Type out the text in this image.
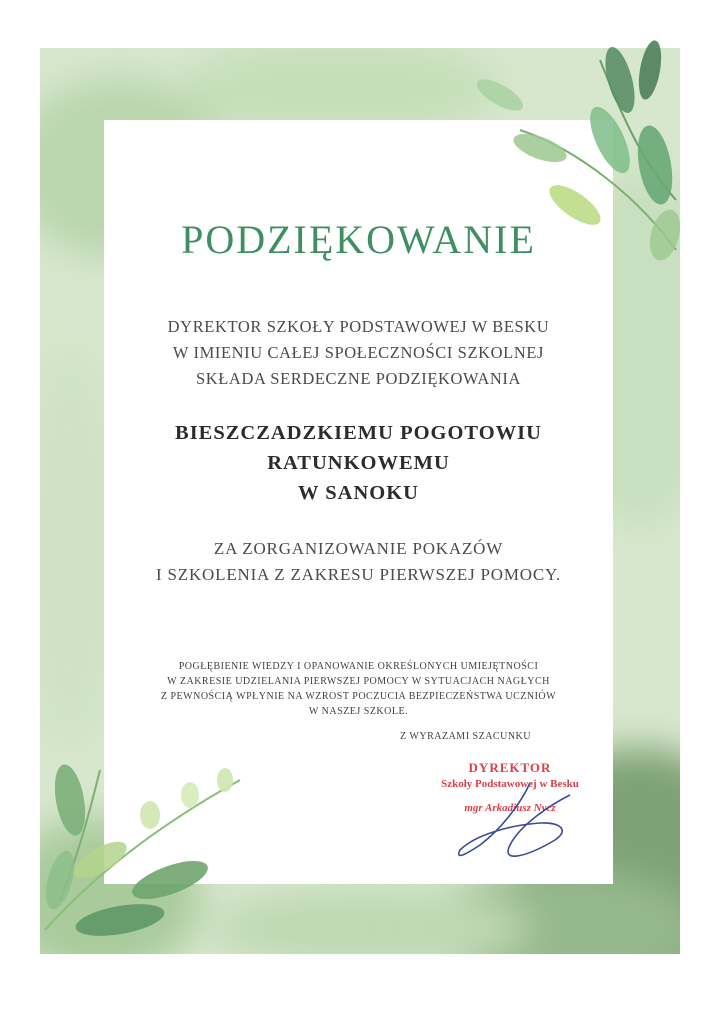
PODZIĘKOWANIE
DYREKTOR SZKOŁY PODSTAWOWEJ W BESKU
W IMIENIU CAŁEJ SPOŁECZNOŚCI SZKOLNEJ
SKŁADA SERDECZNE PODZIĘKOWANIA
BIESZCZADZKIEMU POGOTOWIU
RATUNKOWEMU
W SANOKU
ZA ZORGANIZOWANIE POKAZÓW
I SZKOLENIA Z ZAKRESU PIERWSZEJ POMOCY.
POGŁĘBIENIE WIEDZY I OPANOWANIE OKREŚLONYCH UMIEJĘTNOŚCI
W ZAKRESIE UDZIELANIA PIERWSZEJ POMOCY W SYTUACJACH NAGŁYCH
Z PEWNOŚCIĄ WPŁYNIE NA WZROST POCZUCIA BEZPIECZEŃSTWA UCZNIÓW
W NASZEJ SZKOLE.
Z WYRAZAMI SZACUNKU
DYREKTOR
Szkoły Podstawowej w Besku
mgr Arkadiusz Nycz
